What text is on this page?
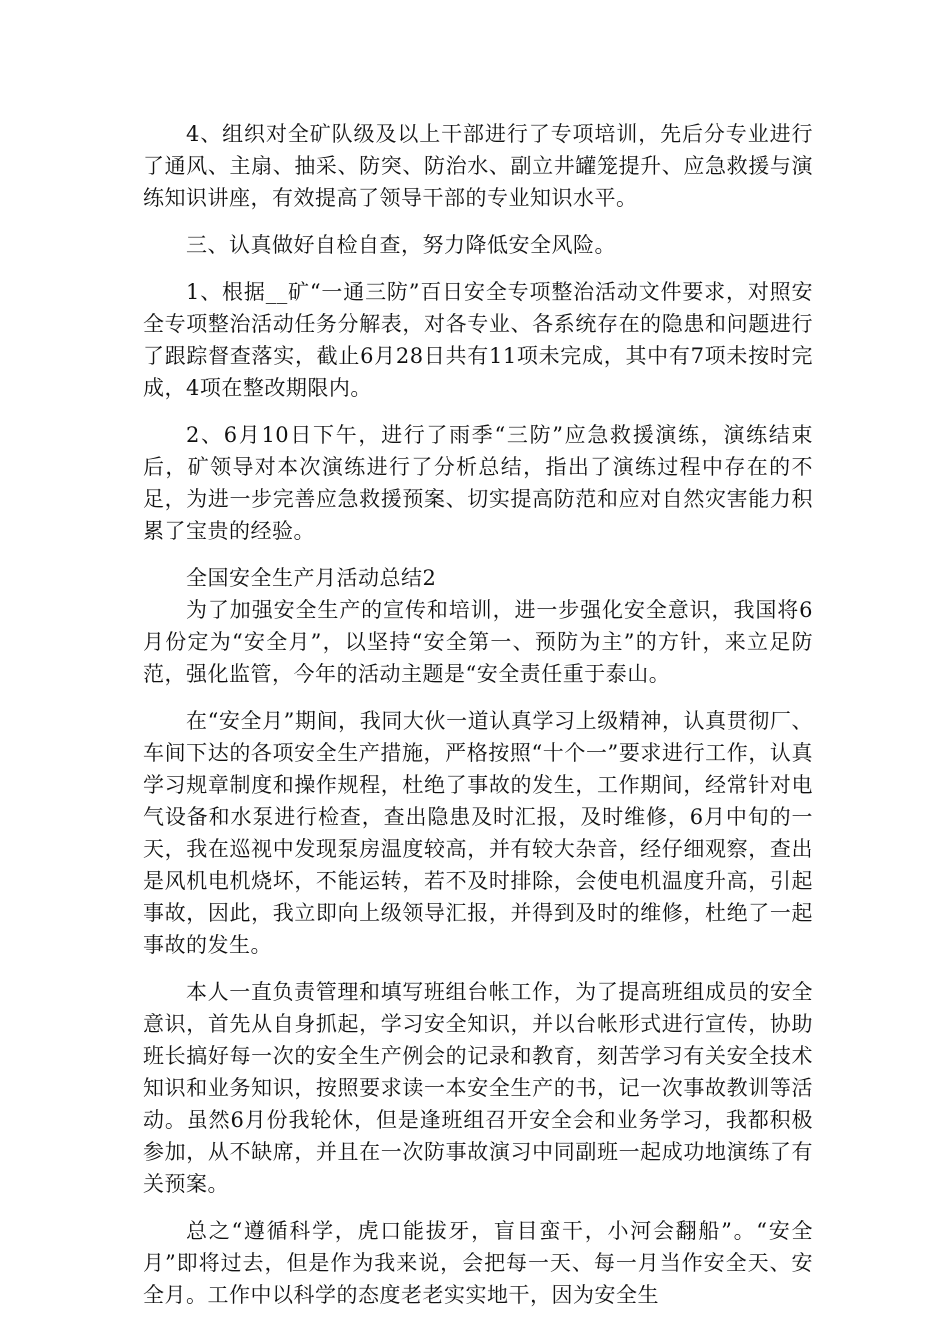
4、组织对全矿队级及以上干部进行了专项培训，先后分专业进行了通风、主扇、抽采、防突、防治水、副立井罐笼提升、应急救援与演练知识讲座，有效提高了领导干部的专业知识水平。

三、认真做好自检自查，努力降低安全风险。

1、根据__矿“一通三防”百日安全专项整治活动文件要求，对照安全专项整治活动任务分解表，对各专业、各系统存在的隐患和问题进行了跟踪督查落实，截止6月28日共有11项未完成，其中有7项未按时完成，4项在整改期限内。

2、6月10日下午，进行了雨季“三防”应急救援演练，演练结束后，矿领导对本次演练进行了分析总结，指出了演练过程中存在的不足，为进一步完善应急救援预案、切实提高防范和应对自然灾害能力积累了宝贵的经验。

全国安全生产月活动总结2

为了加强安全生产的宣传和培训，进一步强化安全意识，我国将6月份定为“安全月”，以坚持“安全第一、预防为主”的方针，来立足防范，强化监管，今年的活动主题是“安全责任重于泰山。

在“安全月”期间，我同大伙一道认真学习上级精神，认真贯彻厂、车间下达的各项安全生产措施，严格按照“十个一”要求进行工作，认真学习规章制度和操作规程，杜绝了事故的发生，工作期间，经常针对电气设备和水泵进行检查，查出隐患及时汇报，及时维修，6月中旬的一天，我在巡视中发现泵房温度较高，并有较大杂音，经仔细观察，查出是风机电机烧坏，不能运转，若不及时排除，会使电机温度升高，引起事故，因此，我立即向上级领导汇报，并得到及时的维修，杜绝了一起事故的发生。

本人一直负责管理和填写班组台帐工作，为了提高班组成员的安全意识，首先从自身抓起，学习安全知识，并以台帐形式进行宣传，协助班长搞好每一次的安全生产例会的记录和教育，刻苦学习有关安全技术知识和业务知识，按照要求读一本安全生产的书，记一次事故教训等活动。虽然6月份我轮休，但是逢班组召开安全会和业务学习，我都积极参加，从不缺席，并且在一次防事故演习中同副班一起成功地演练了有关预案。

总之“遵循科学，虎口能拔牙，盲目蛮干，小河会翻船”。“安全月”即将过去，但是作为我来说，会把每一天、每一月当作安全天、安全月。工作中以科学的态度老老实实地干，因为安全生
